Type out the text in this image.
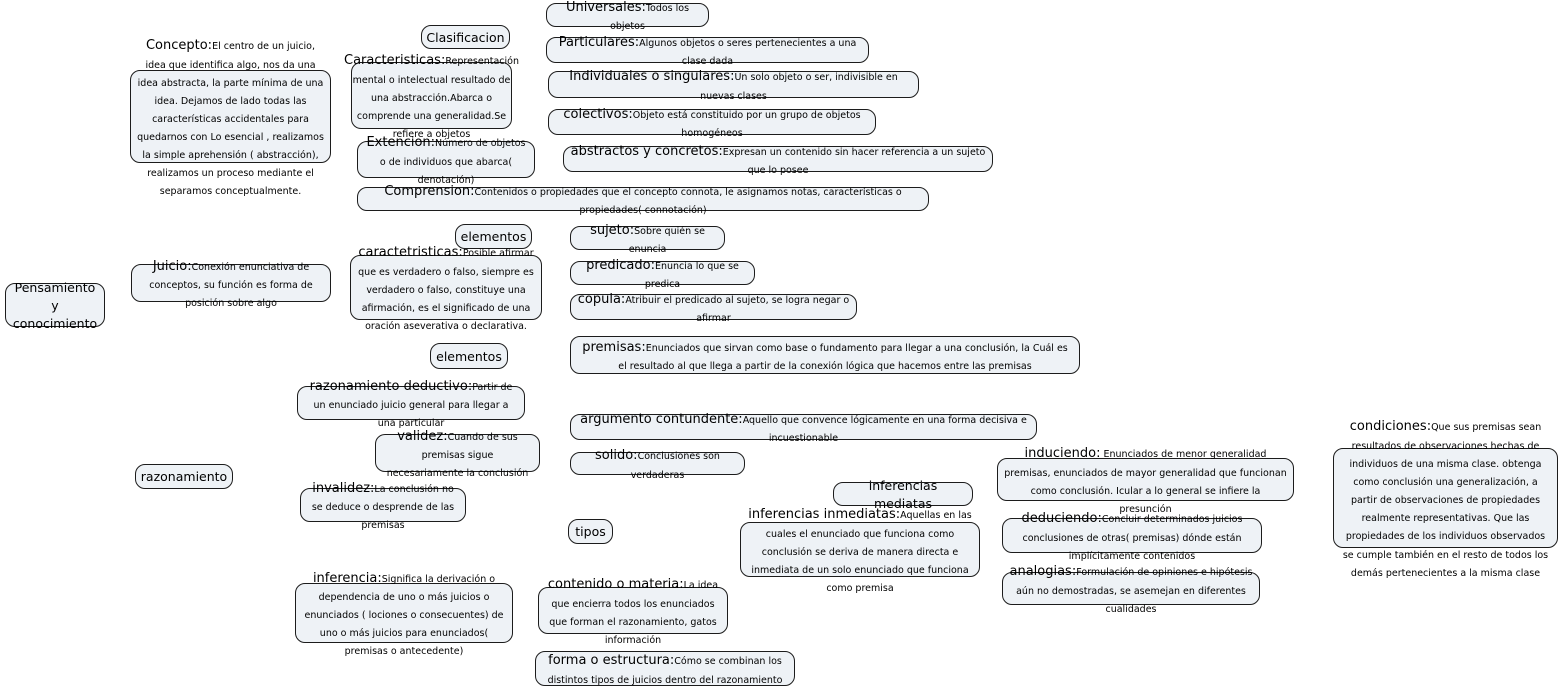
Pensamiento y conocimiento
Concepto:El centro de un juicio, idea que identifica algo, nos da una idea abstracta, la parte mínima de una idea. Dejamos de lado todas las características accidentales para quedarnos con Lo esencial , realizamos la simple aprehensión ( abstracción), realizamos un proceso mediante el separamos conceptualmente.
Clasificacion
Caracteristicas:Representación mental o intelectual resultado de una abstracción.Abarca o comprende una generalidad.Se refiere a objetos
Extencion:Número de objetos o de individuos que abarca( denotación)
Comprension:Contenidos o propiedades que el concepto connota, le asignamos notas, características o propiedades( connotación)
Universales:Todos los objetos
Particulares:Algunos objetos o seres pertenecientes a una clase dada
Individuales o singulares:Un solo objeto o ser, indivisible en nuevas clases
colectivos:Objeto está constituido por un grupo de objetos homogéneos
abstractos y concretos:Expresan un contenido sin hacer referencia a un sujeto que lo posee
elementos
Juicio:Conexión enunciativa de conceptos, su función es forma de posición sobre algo
caractetristicas:Posible afirmar que es verdadero o falso, siempre es verdadero o falso, constituye una afirmación, es el significado de una oración aseverativa o declarativa.
sujeto:Sobre quién se enuncia
predicado:Enuncia lo que se predica
copula:Atribuir el predicado al sujeto, se logra negar o afirmar
elementos
premisas:Enunciados que sirvan como base o fundamento para llegar a una conclusión, la Cuál es el resultado al que llega a partir de la conexión lógica que hacemos entre las premisas
razonamiento deductivo:Partir de un enunciado juicio general para llegar a una particular
validez:Cuando de sus premisas sigue necesariamente la conclusión
argumento contundente:Aquello que convence lógicamente en una forma decisiva e incuestionable
solido:Conclusiones son verdaderas
razonamiento
invalidez:La conclusión no se deduce o desprende de las premisas
inferencias mediatas
induciendo: Enunciados de menor generalidad premisas, enunciados de mayor generalidad que funcionan como conclusión. Icular a lo general se infiere la presunción
tipos
inferencias inmediatas:Aquellas en las cuales el enunciado que funciona como conclusión se deriva de manera directa e inmediata de un solo enunciado que funciona como premisa
deduciendo:Concluir determinados juicios conclusiones de otras( premisas) dónde están implícitamente contenidos
analogias:Formulación de opiniones e hipótesis aún no demostradas, se asemejan en diferentes cualidades
condiciones:Que sus premisas sean resultados de observaciones hechas de individuos de una misma clase. obtenga como conclusión una generalización, a partir de observaciones de propiedades realmente representativas. Que las propiedades de los individuos observados se cumple también en el resto de todos los demás pertenecientes a la misma clase
inferencia:Significa la derivación o dependencia de uno o más juicios o enunciados ( lociones o consecuentes) de uno o más juicios para enunciados( premisas o antecedente)
contenido o materia:La idea que encierra todos los enunciados que forman el razonamiento, gatos información
forma o estructura:Cómo se combinan los distintos tipos de juicios dentro del razonamiento
